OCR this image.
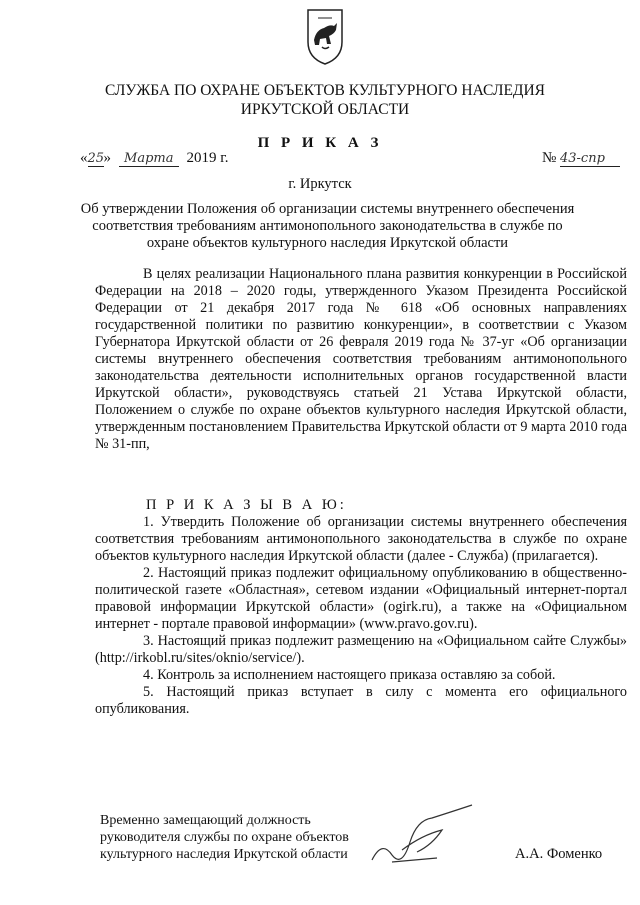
СЛУЖБА ПО ОХРАНЕ ОБЪЕКТОВ КУЛЬТУРНОГО НАСЛЕДИЯ
ИРКУТСКОЙ ОБЛАСТИ
П Р И К А З
«25» Марта 2019 г.	№ 43-спр
г. Иркутск
Об утверждении Положения об организации системы внутреннего обеспечения соответствия требованиям антимонопольного законодательства в службе по охране объектов культурного наследия Иркутской области
В целях реализации Национального плана развития конкуренции в Российской Федерации на 2018 – 2020 годы, утвержденного Указом Президента Российской Федерации от 21 декабря 2017 года № 618 «Об основных направлениях государственной политики по развитию конкуренции», в соответствии с Указом Губернатора Иркутской области от 26 февраля 2019 года № 37-уг «Об организации системы внутреннего обеспечения соответствия требованиям антимонопольного законодательства деятельности исполнительных органов государственной власти Иркутской области», руководствуясь статьей 21 Устава Иркутской области, Положением о службе по охране объектов культурного наследия Иркутской области, утвержденным постановлением Правительства Иркутской области от 9 марта 2010 года № 31-пп,
П Р И К А З Ы В А Ю:
1. Утвердить Положение об организации системы внутреннего обеспечения соответствия требованиям антимонопольного законодательства в службе по охране объектов культурного наследия Иркутской области (далее - Служба) (прилагается).
2. Настоящий приказ подлежит официальному опубликованию в общественно-политической газете «Областная», сетевом издании «Официальный интернет-портал правовой информации Иркутской области» (ogirk.ru), а также на «Официальном интернет - портале правовой информации» (www.pravo.gov.ru).
3. Настоящий приказ подлежит размещению на «Официальном сайте Службы» (http://irkobl.ru/sites/oknio/service/).
4. Контроль за исполнением настоящего приказа оставляю за собой.
5. Настоящий приказ вступает в силу с момента его официального опубликования.
Временно замещающий должность
руководителя службы по охране объектов
культурного наследия Иркутской области	А.А. Фоменко
